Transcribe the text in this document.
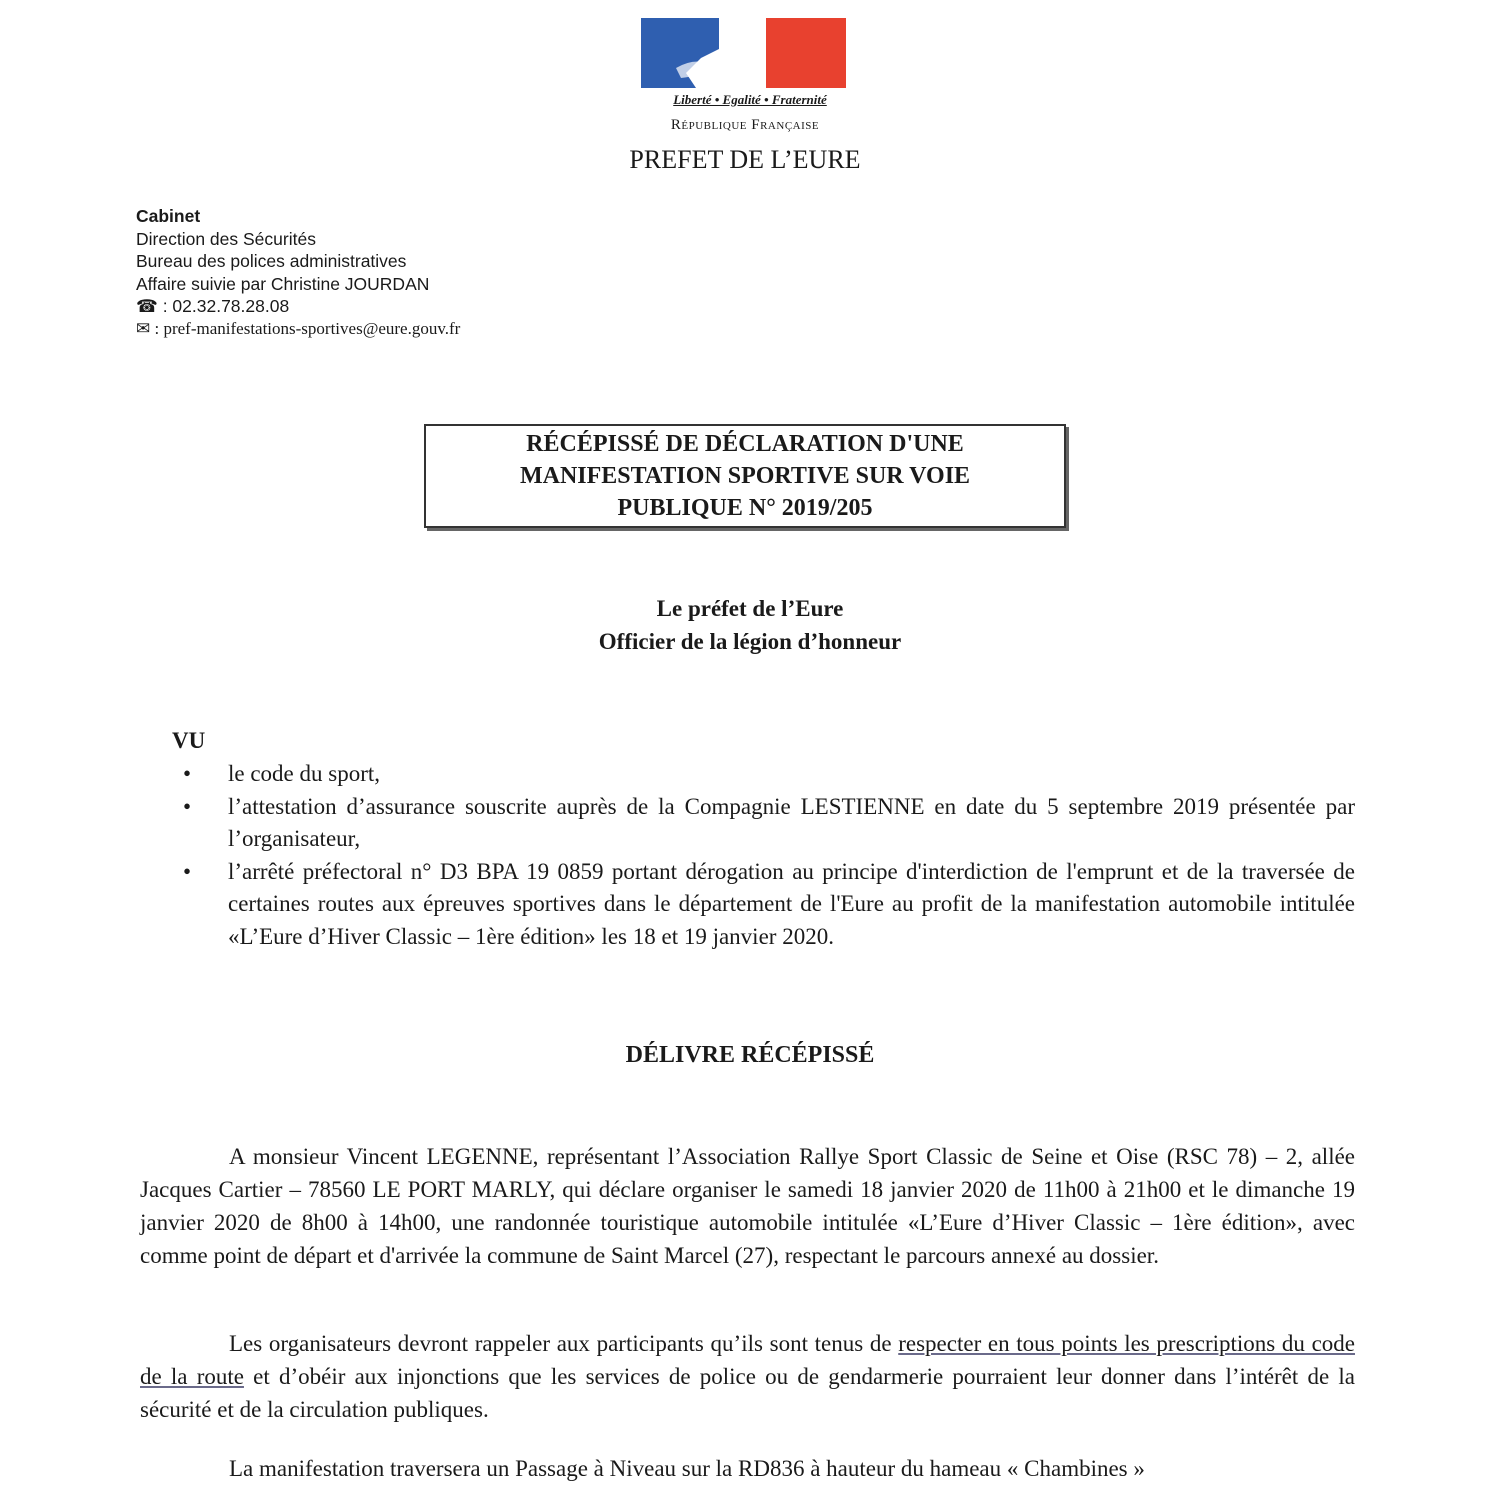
Liberté • Egalité • Fraternité
République Française
PREFET DE L’EURE
Cabinet
Direction des Sécurités
Bureau des polices administratives
Affaire suivie par Christine JOURDAN
☎ : 02.32.78.28.08
✉ : pref-manifestations-sportives@eure.gouv.fr
RÉCÉPISSÉ DE DÉCLARATION D'UNE
MANIFESTATION SPORTIVE SUR VOIE
PUBLIQUE N° 2019/205
Le préfet de l’Eure
Officier de la légion d’honneur
VU
• le code du sport,
• l’attestation d’assurance souscrite auprès de la Compagnie LESTIENNE en date du 5 septembre 2019 présentée par l’organisateur,
• l’arrêté préfectoral n° D3 BPA 19 0859 portant dérogation au principe d'interdiction de l'emprunt et de la traversée de certaines routes aux épreuves sportives dans le département de l'Eure au profit de la manifestation automobile intitulée «L’Eure d’Hiver Classic – 1ère édition» les 18 et 19 janvier 2020.
DÉLIVRE RÉCÉPISSÉ
A monsieur Vincent LEGENNE, représentant l’Association Rallye Sport Classic de Seine et Oise (RSC 78) – 2, allée Jacques Cartier – 78560 LE PORT MARLY, qui déclare organiser le samedi 18 janvier 2020 de 11h00 à 21h00 et le dimanche 19 janvier 2020 de 8h00 à 14h00, une randonnée touristique automobile intitulée «L’Eure d’Hiver Classic – 1ère édition», avec comme point de départ et d'arrivée la commune de Saint Marcel (27), respectant le parcours annexé au dossier.
Les organisateurs devront rappeler aux participants qu’ils sont tenus de respecter en tous points les prescriptions du code de la route et d’obéir aux injonctions que les services de police ou de gendarmerie pourraient leur donner dans l’intérêt de la sécurité et de la circulation publiques.
La manifestation traversera un Passage à Niveau sur la RD836 à hauteur du hameau « Chambines »
